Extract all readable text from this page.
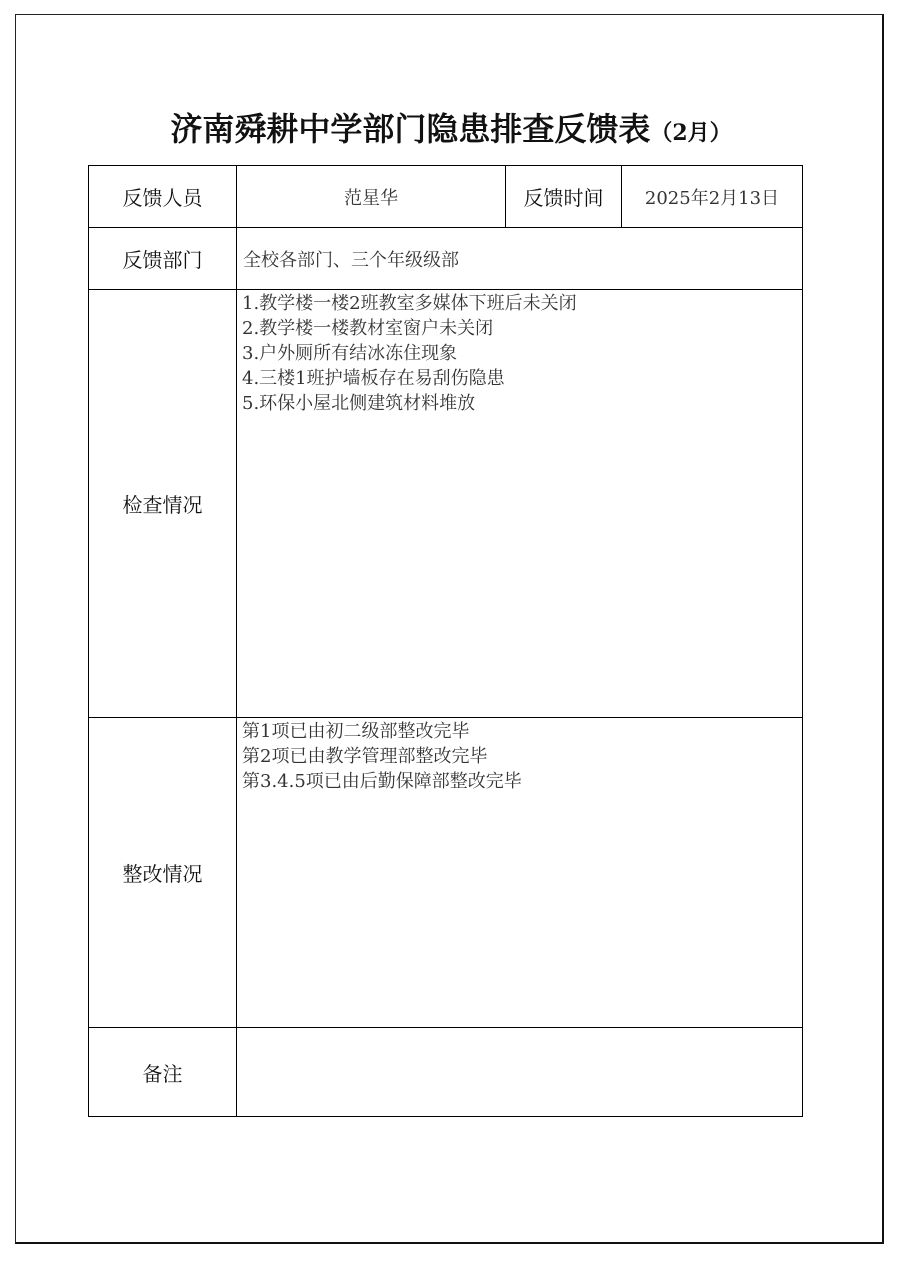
济南舜耕中学部门隐患排查反馈表（2月）
反馈人员	范星华	反馈时间	2025年2月13日
反馈部门	全校各部门、三个年级级部		
检查情况	1.教学楼一楼2班教室多媒体下班后未关闭
2.教学楼一楼教材室窗户未关闭
3.户外厕所有结冰冻住现象
4.三楼1班护墙板存在易刮伤隐患
5.环保小屋北侧建筑材料堆放		

整改情况	第1项已由初二级部整改完毕
第2项已由教学管理部整改完毕
第3.4.5项已由后勤保障部整改完毕		

备注			
